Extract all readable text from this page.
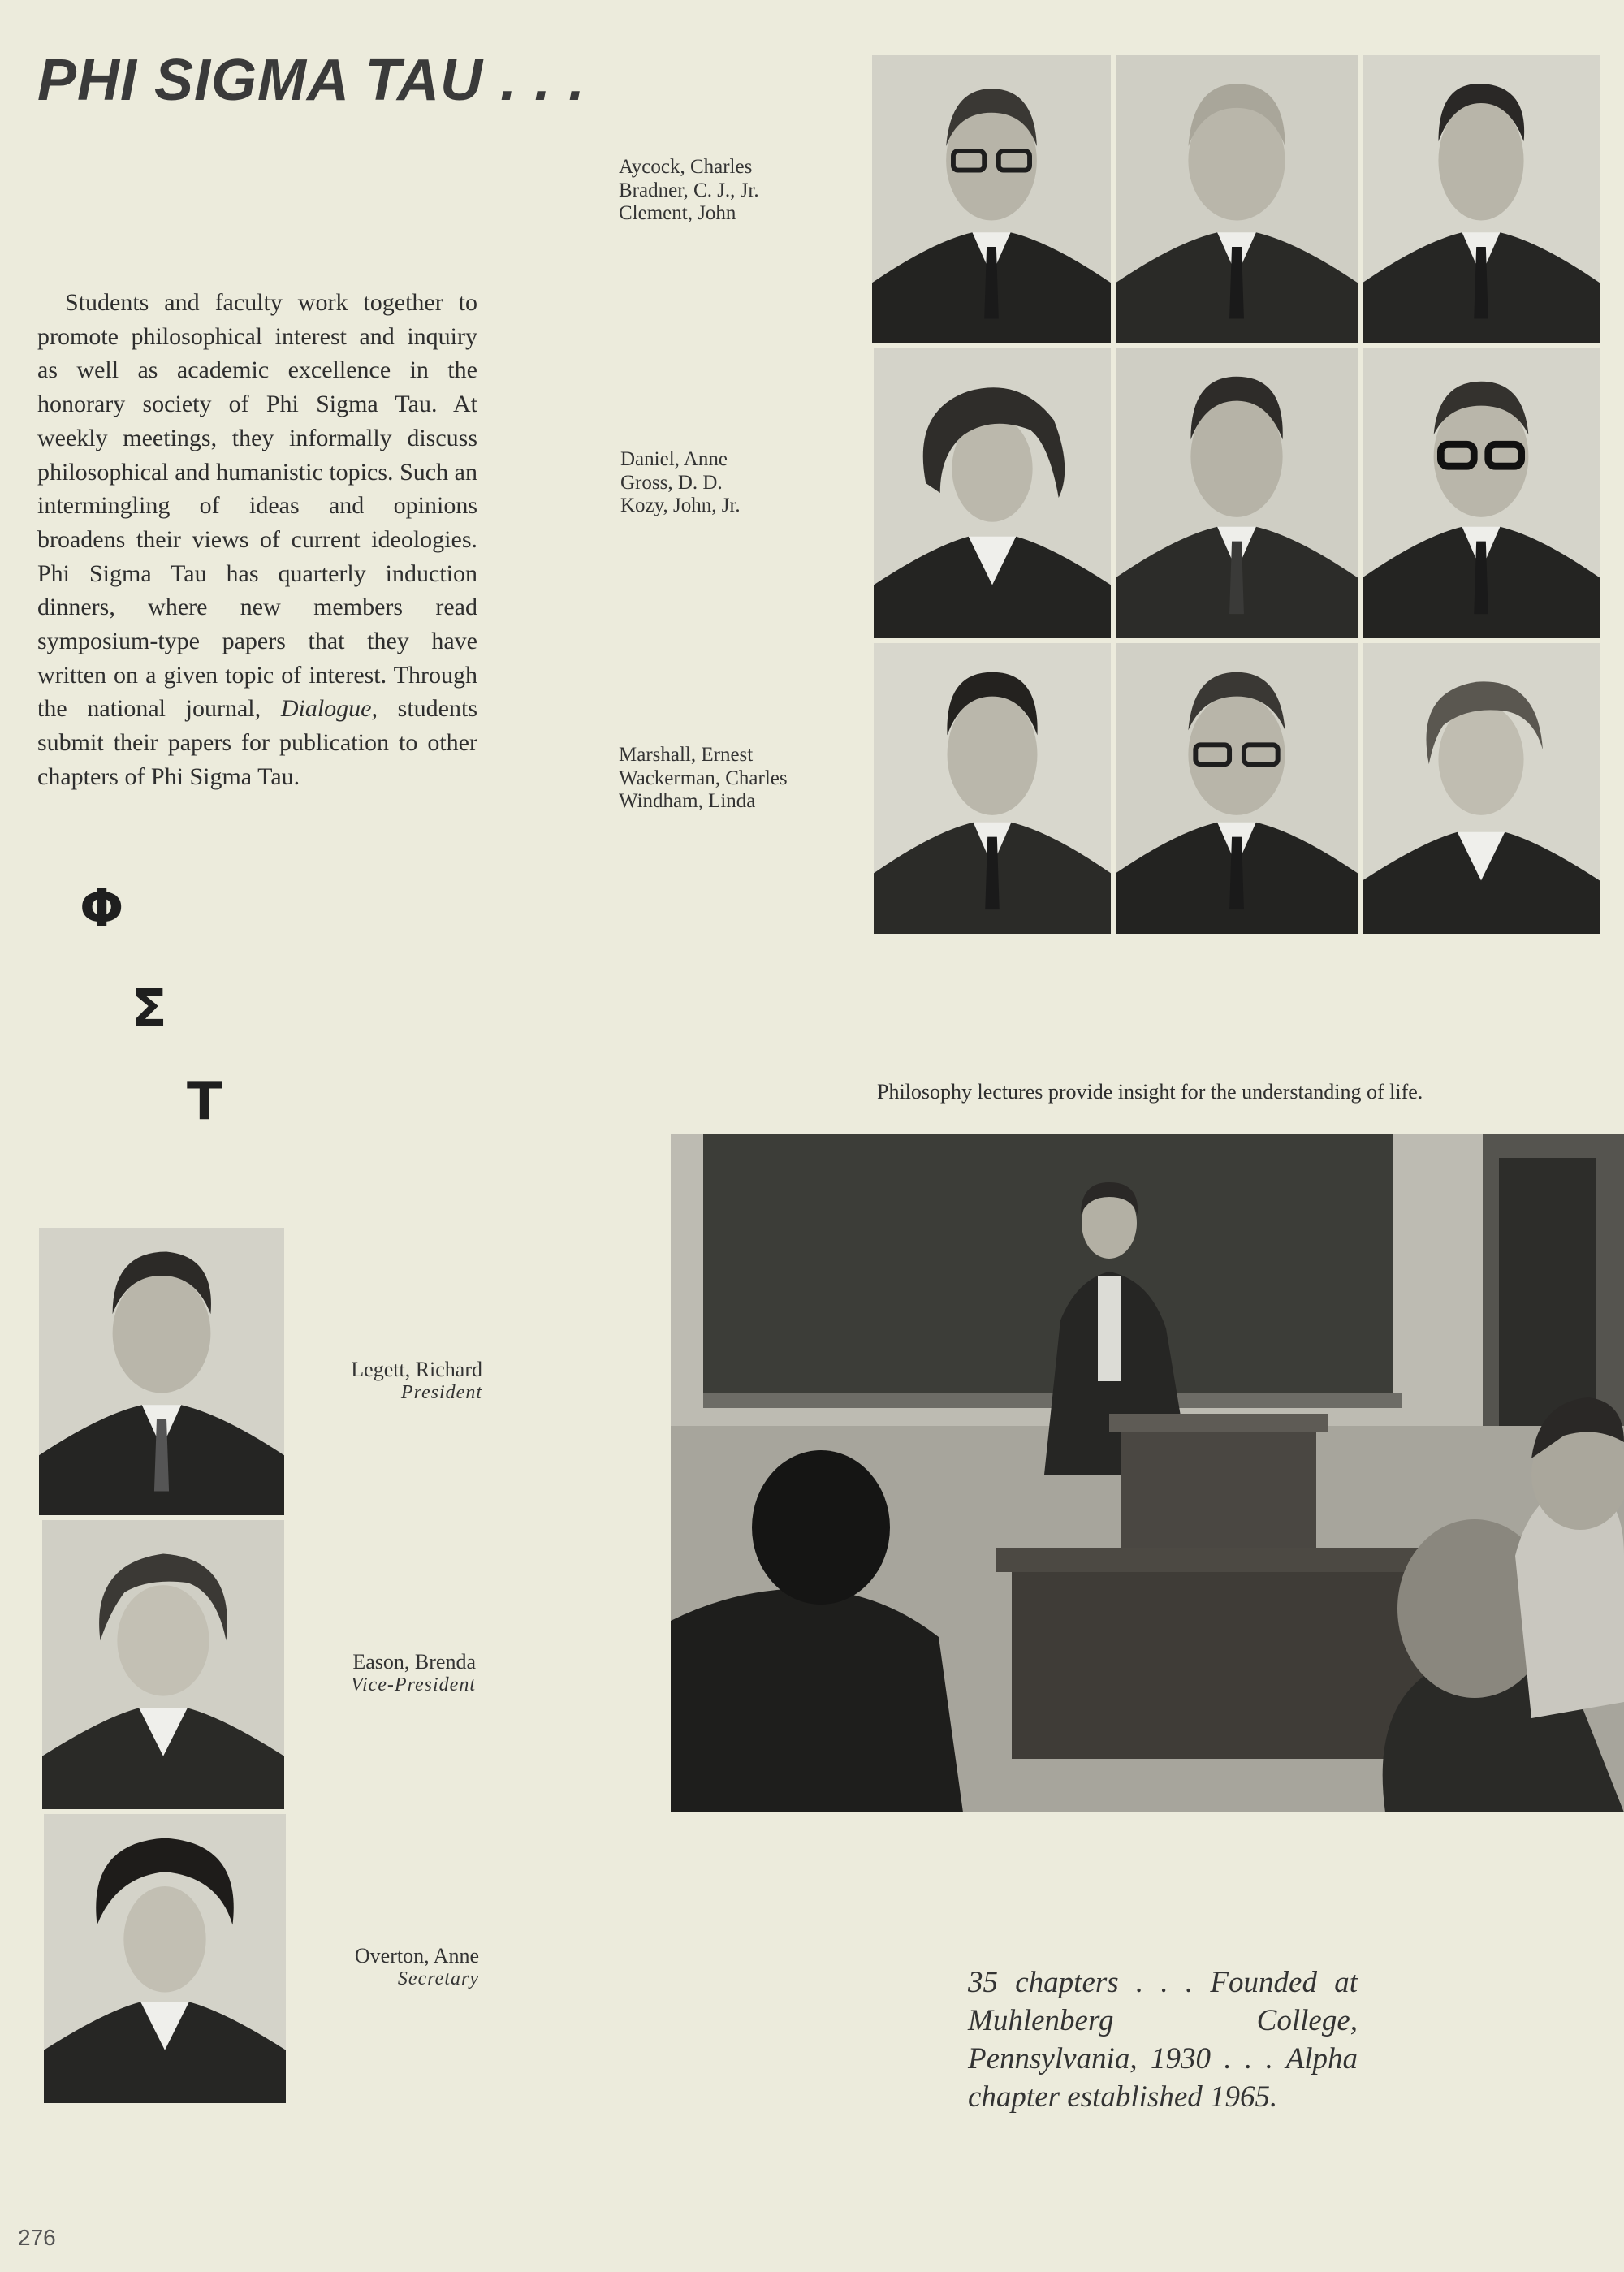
PHI SIGMA TAU . . .
Students and faculty work together to promote philosophical interest and inquiry as well as academic excellence in the honorary society of Phi Sigma Tau. At weekly meetings, they informally discuss philosophical and humanistic topics. Such an intermingling of ideas and opinions broadens their views of current ideologies. Phi Sigma Tau has quarterly induction dinners, where new members read symposium-type papers that they have written on a given topic of interest. Through the national journal, Dialogue, students submit their papers for publication to other chapters of Phi Sigma Tau.
Φ
Σ
T
Aycock, Charles
Bradner, C. J., Jr.
Clement, John
Daniel, Anne
Gross, D. D.
Kozy, John, Jr.
Marshall, Ernest
Wackerman, Charles
Windham, Linda
Legett, Richard
President
Eason, Brenda
Vice-President
Overton, Anne
Secretary
Philosophy lectures provide insight for the understanding of life.
35 chapters . . . Founded at Muhlenberg College, Pennsylvania, 1930 . . . Alpha chapter established 1965.
276
